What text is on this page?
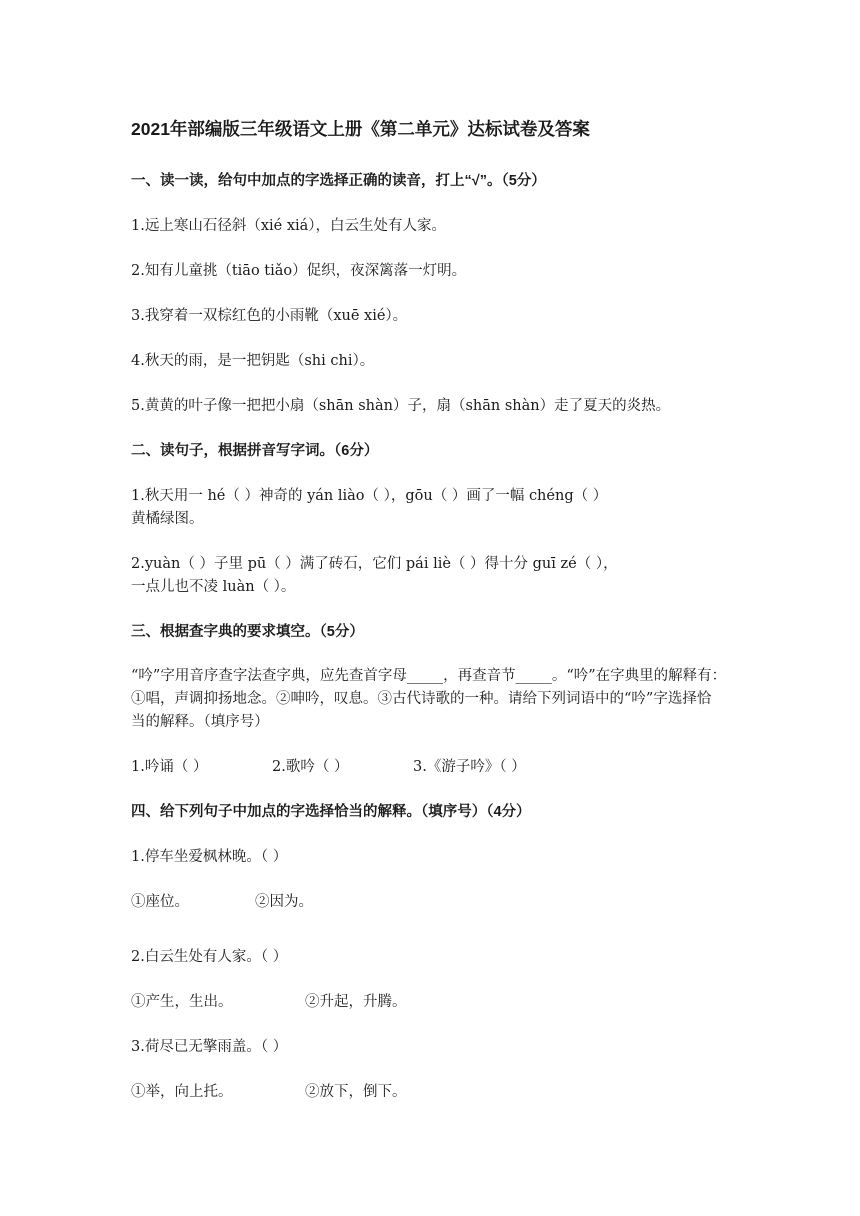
2021年部编版三年级语文上册《第二单元》达标试卷及答案
一、读一读，给句中加点的字选择正确的读音，打上“√”。（5分）
1.远上寒山石径斜（xié xiá），白云生处有人家。
2.知有儿童挑（tiāo tiǎo）促织，夜深篱落一灯明。
3.我穿着一双棕红色的小雨靴（xuē xié）。
4.秋天的雨，是一把钥匙（shi chi）。
5.黄黄的叶子像一把把小扇（shān shàn）子，扇（shān shàn）走了夏天的炎热。
二、读句子，根据拼音写字词。（6分）
1.秋天用一 hé（ ）神奇的 yán liào（ ），gōu（ ）画了一幅 chéng（ ）
黄橘绿图。
2.yuàn（ ）子里 pū（ ）满了砖石，它们 pái liè（ ）得十分 guī zé（ ），
一点儿也不凌 luàn（ ）。
三、根据查字典的要求填空。（5分）
“吟”字用音序查字法查字典，应先查首字母_____，再查音节_____。“吟”在字典里的解释有：
①唱，声调抑扬地念。②呻吟，叹息。③古代诗歌的一种。请给下列词语中的“吟”字选择恰
当的解释。（填序号）
1.吟诵（ ）	2.歌吟（ ）	3.《游子吟》（ ）
四、给下列句子中加点的字选择恰当的解释。（填序号）（4分）
1.停车坐爱枫林晚。（ ）
①座位。	②因为。
2.白云生处有人家。（ ）
①产生，生出。	②升起，升腾。
3.荷尽已无擎雨盖。（ ）
①举，向上托。	②放下，倒下。
